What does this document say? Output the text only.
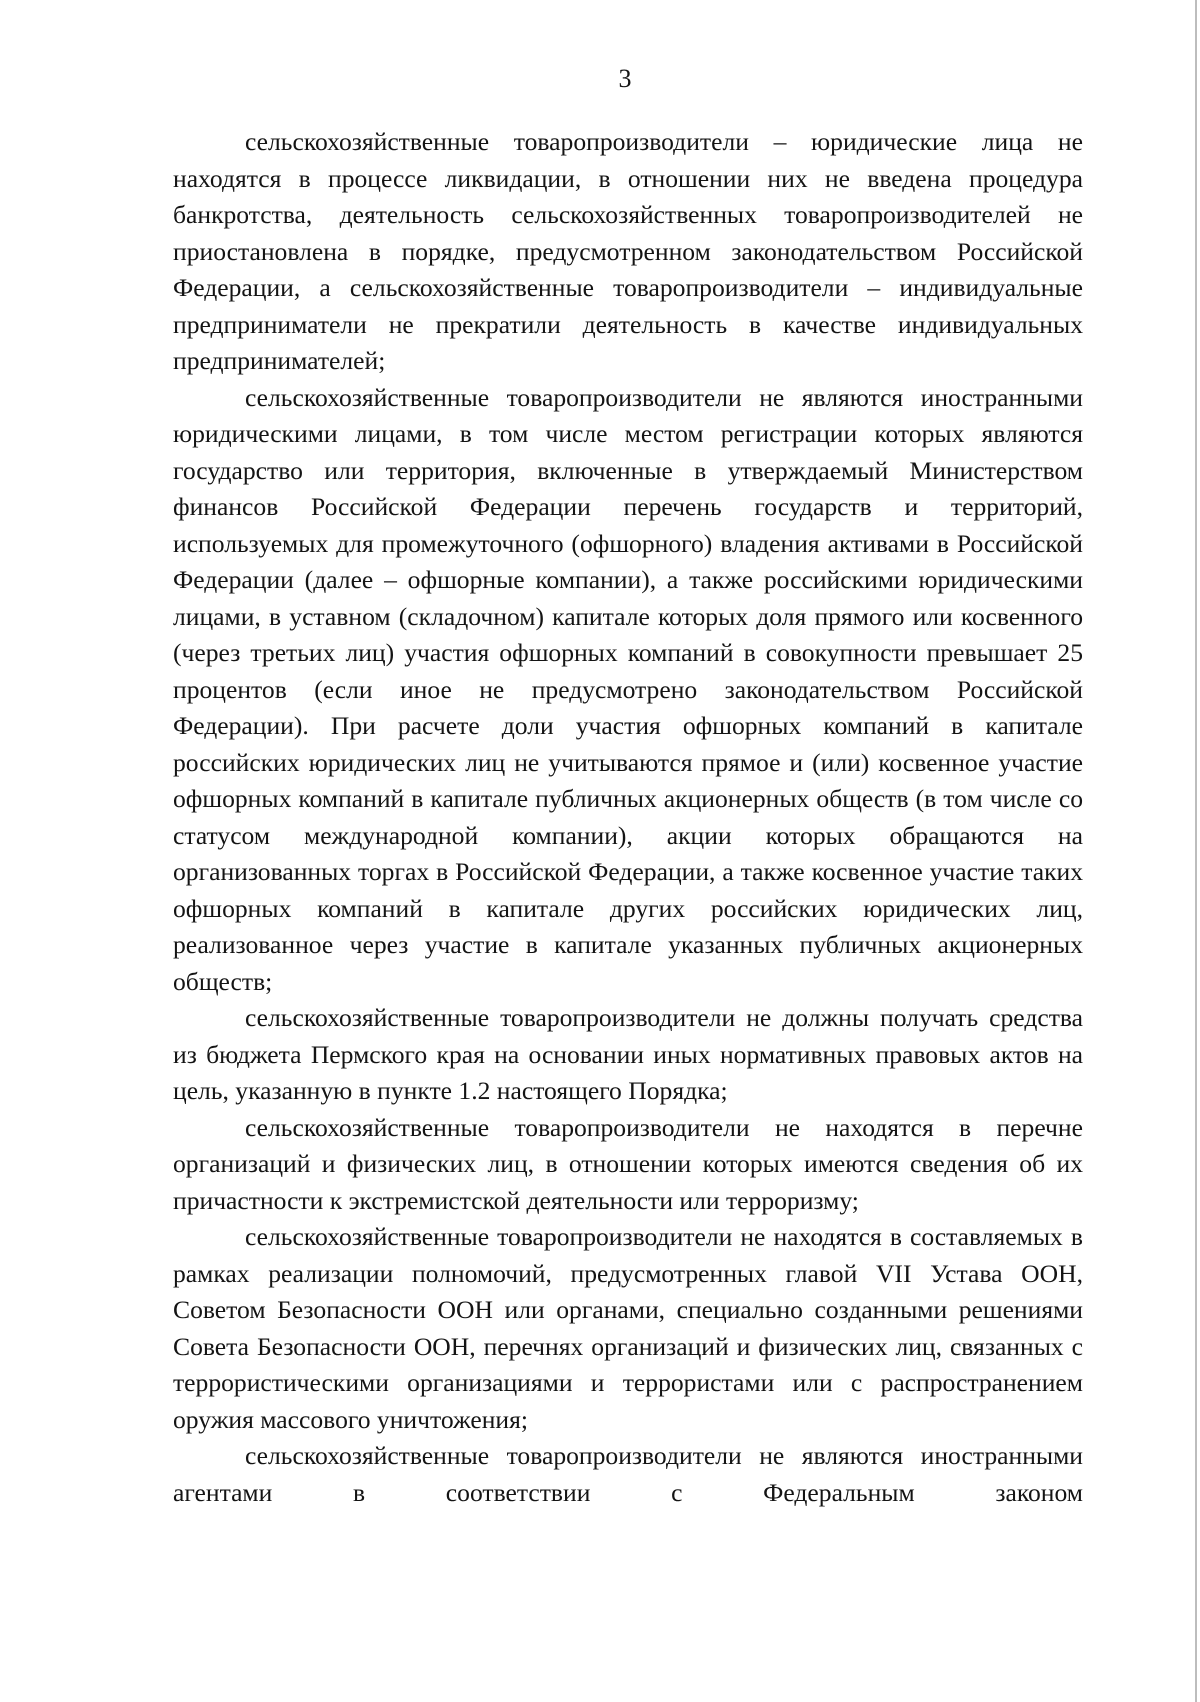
3

сельскохозяйственные товаропроизводители – юридические лица не находятся в процессе ликвидации, в отношении них не введена процедура банкротства, деятельность сельскохозяйственных товаропроизводителей не приостановлена в порядке, предусмотренном законодательством Российской Федерации, а сельскохозяйственные товаропроизводители – индивидуальные предприниматели не прекратили деятельность в качестве индивидуальных предпринимателей;

сельскохозяйственные товаропроизводители не являются иностранными юридическими лицами, в том числе местом регистрации которых являются государство или территория, включенные в утверждаемый Министерством финансов Российской Федерации перечень государств и территорий, используемых для промежуточного (офшорного) владения активами в Российской Федерации (далее – офшорные компании), а также российскими юридическими лицами, в уставном (складочном) капитале которых доля прямого или косвенного (через третьих лиц) участия офшорных компаний в совокупности превышает 25 процентов (если иное не предусмотрено законодательством Российской Федерации). При расчете доли участия офшорных компаний в капитале российских юридических лиц не учитываются прямое и (или) косвенное участие офшорных компаний в капитале публичных акционерных обществ (в том числе со статусом международной компании), акции которых обращаются на организованных торгах в Российской Федерации, а также косвенное участие таких офшорных компаний в капитале других российских юридических лиц, реализованное через участие в капитале указанных публичных акционерных обществ;

сельскохозяйственные товаропроизводители не должны получать средства из бюджета Пермского края на основании иных нормативных правовых актов на цель, указанную в пункте 1.2 настоящего Порядка;

сельскохозяйственные товаропроизводители не находятся в перечне организаций и физических лиц, в отношении которых имеются сведения об их причастности к экстремистской деятельности или терроризму;

сельскохозяйственные товаропроизводители не находятся в составляемых в рамках реализации полномочий, предусмотренных главой VII Устава ООН, Советом Безопасности ООН или органами, специально созданными решениями Совета Безопасности ООН, перечнях организаций и физических лиц, связанных с террористическими организациями и террористами или с распространением оружия массового уничтожения;

сельскохозяйственные товаропроизводители не являются иностранными агентами в соответствии с Федеральным законом
